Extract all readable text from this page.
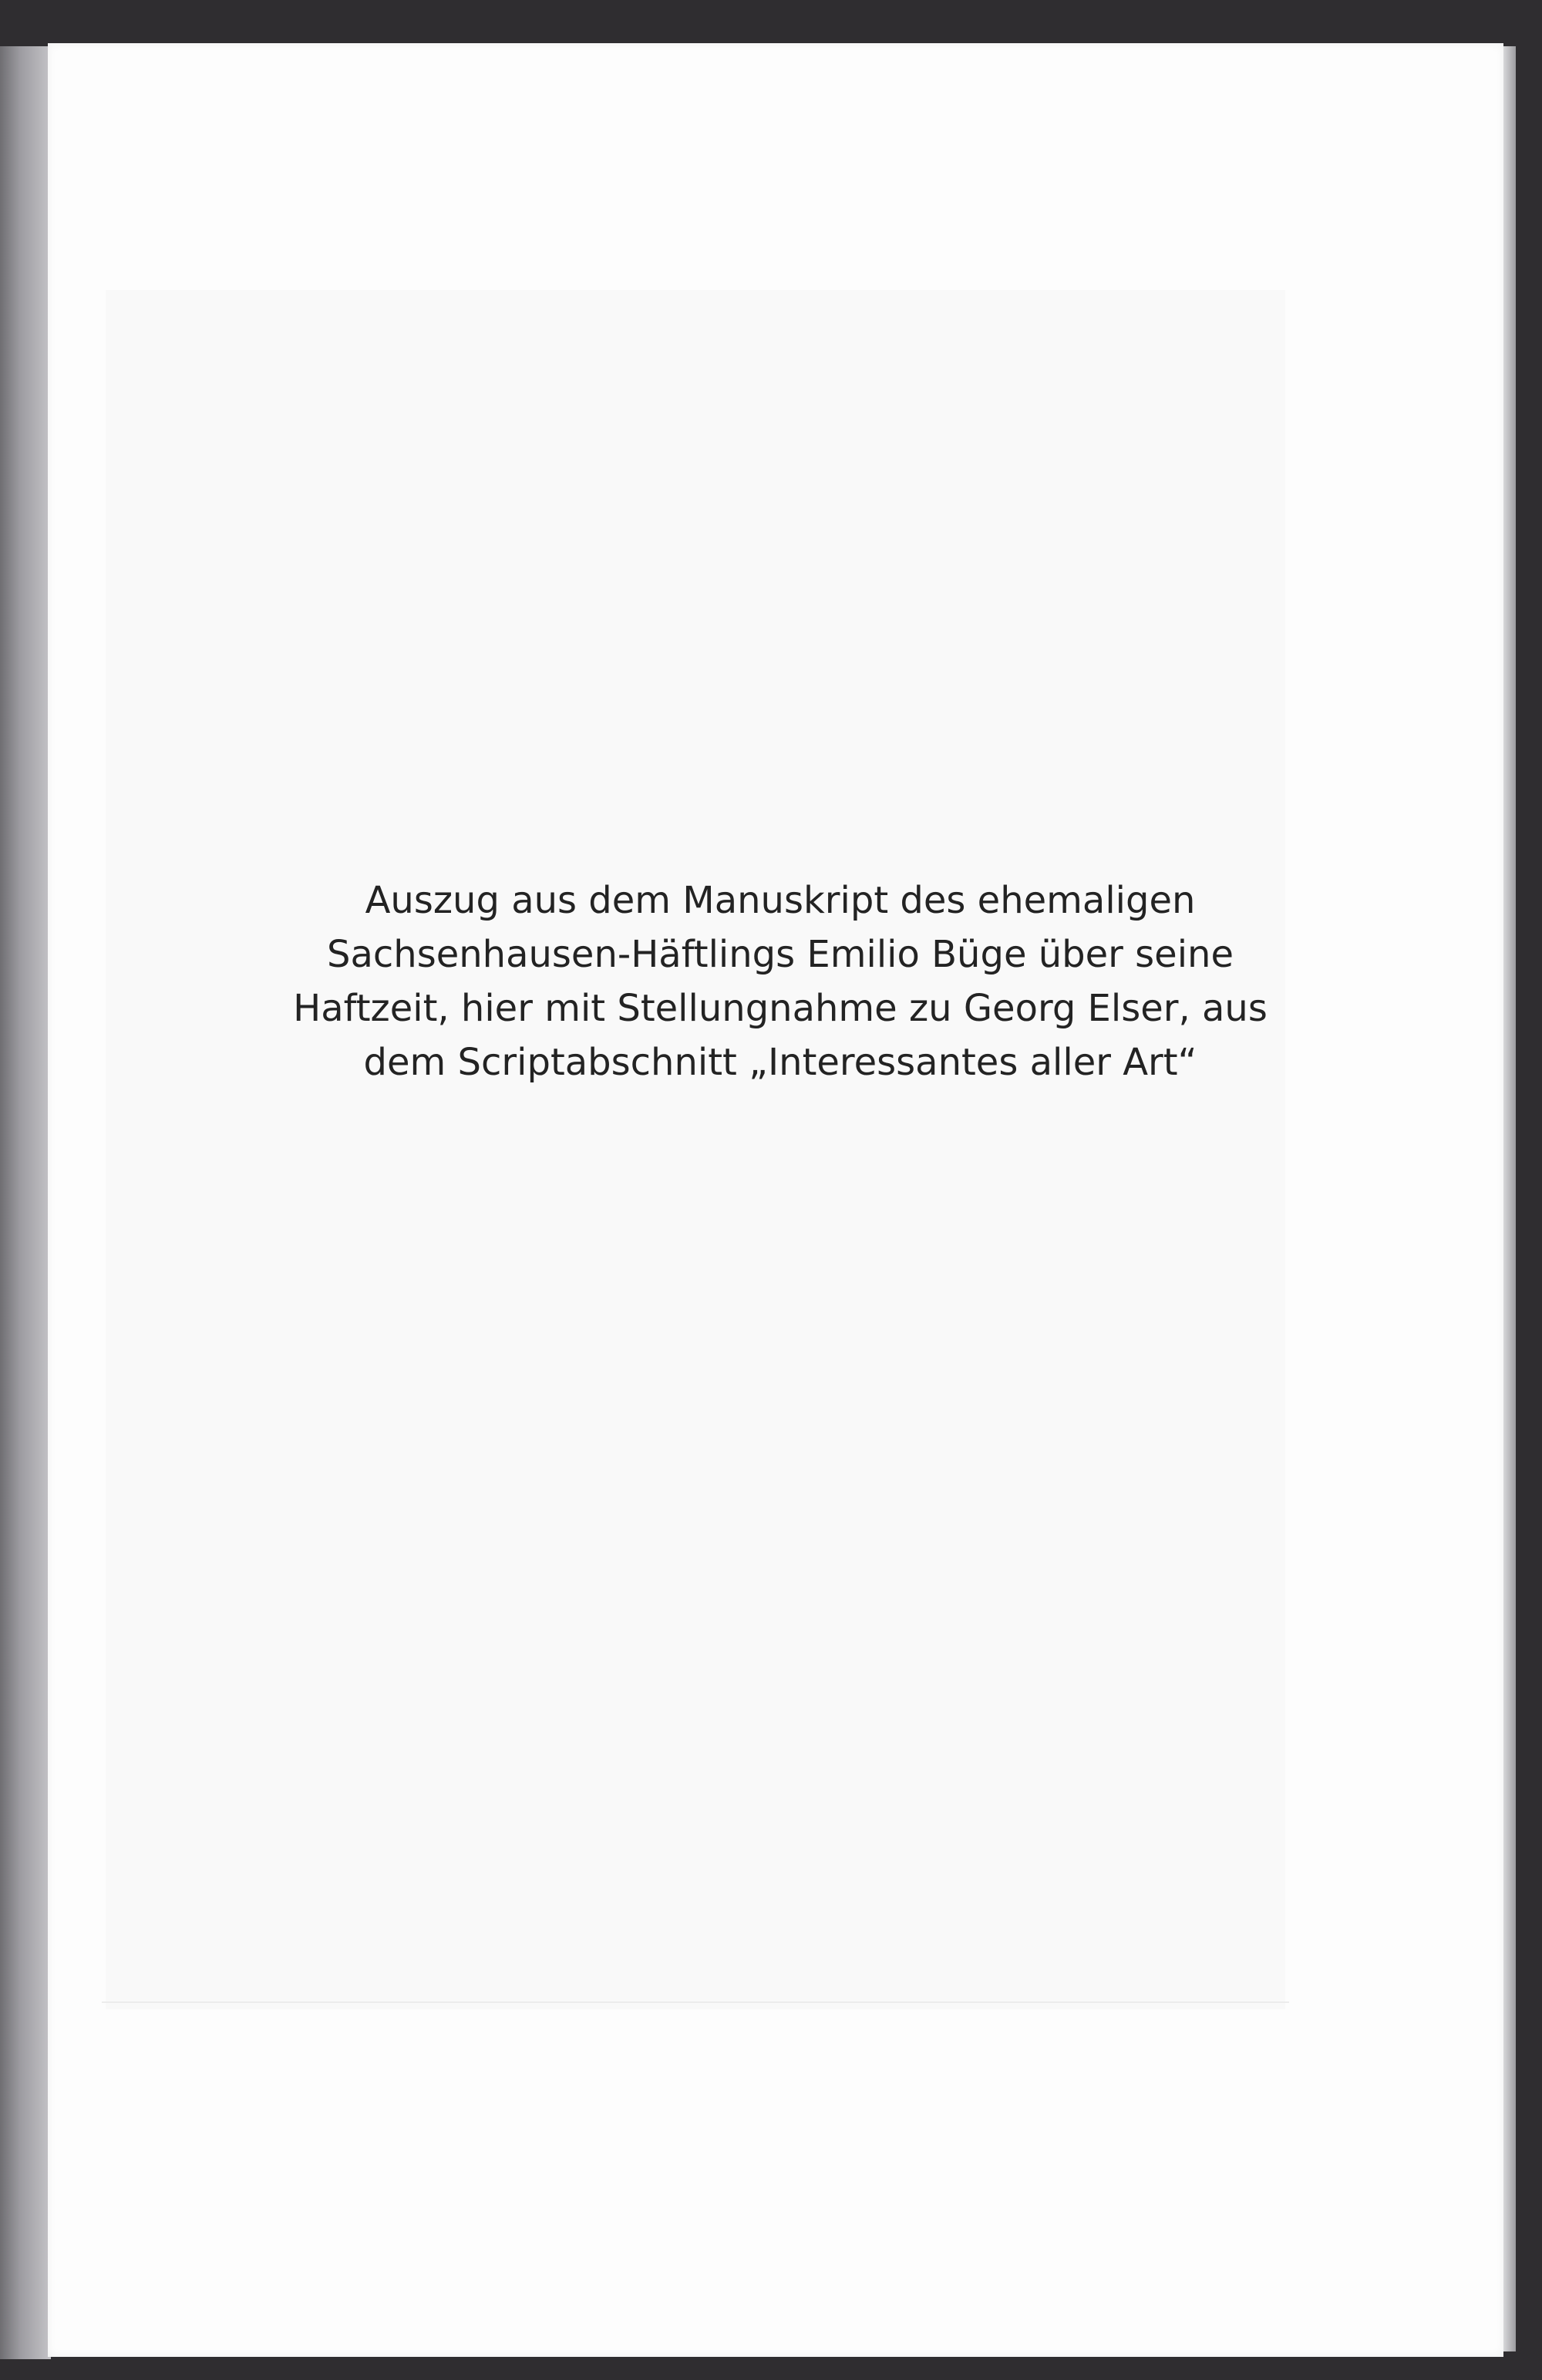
Auszug aus dem Manuskript des ehemaligen
Sachsenhausen-Häftlings Emilio Büge über seine
Haftzeit, hier mit Stellungnahme zu Georg Elser, aus
dem Scriptabschnitt „Interessantes aller Art“
